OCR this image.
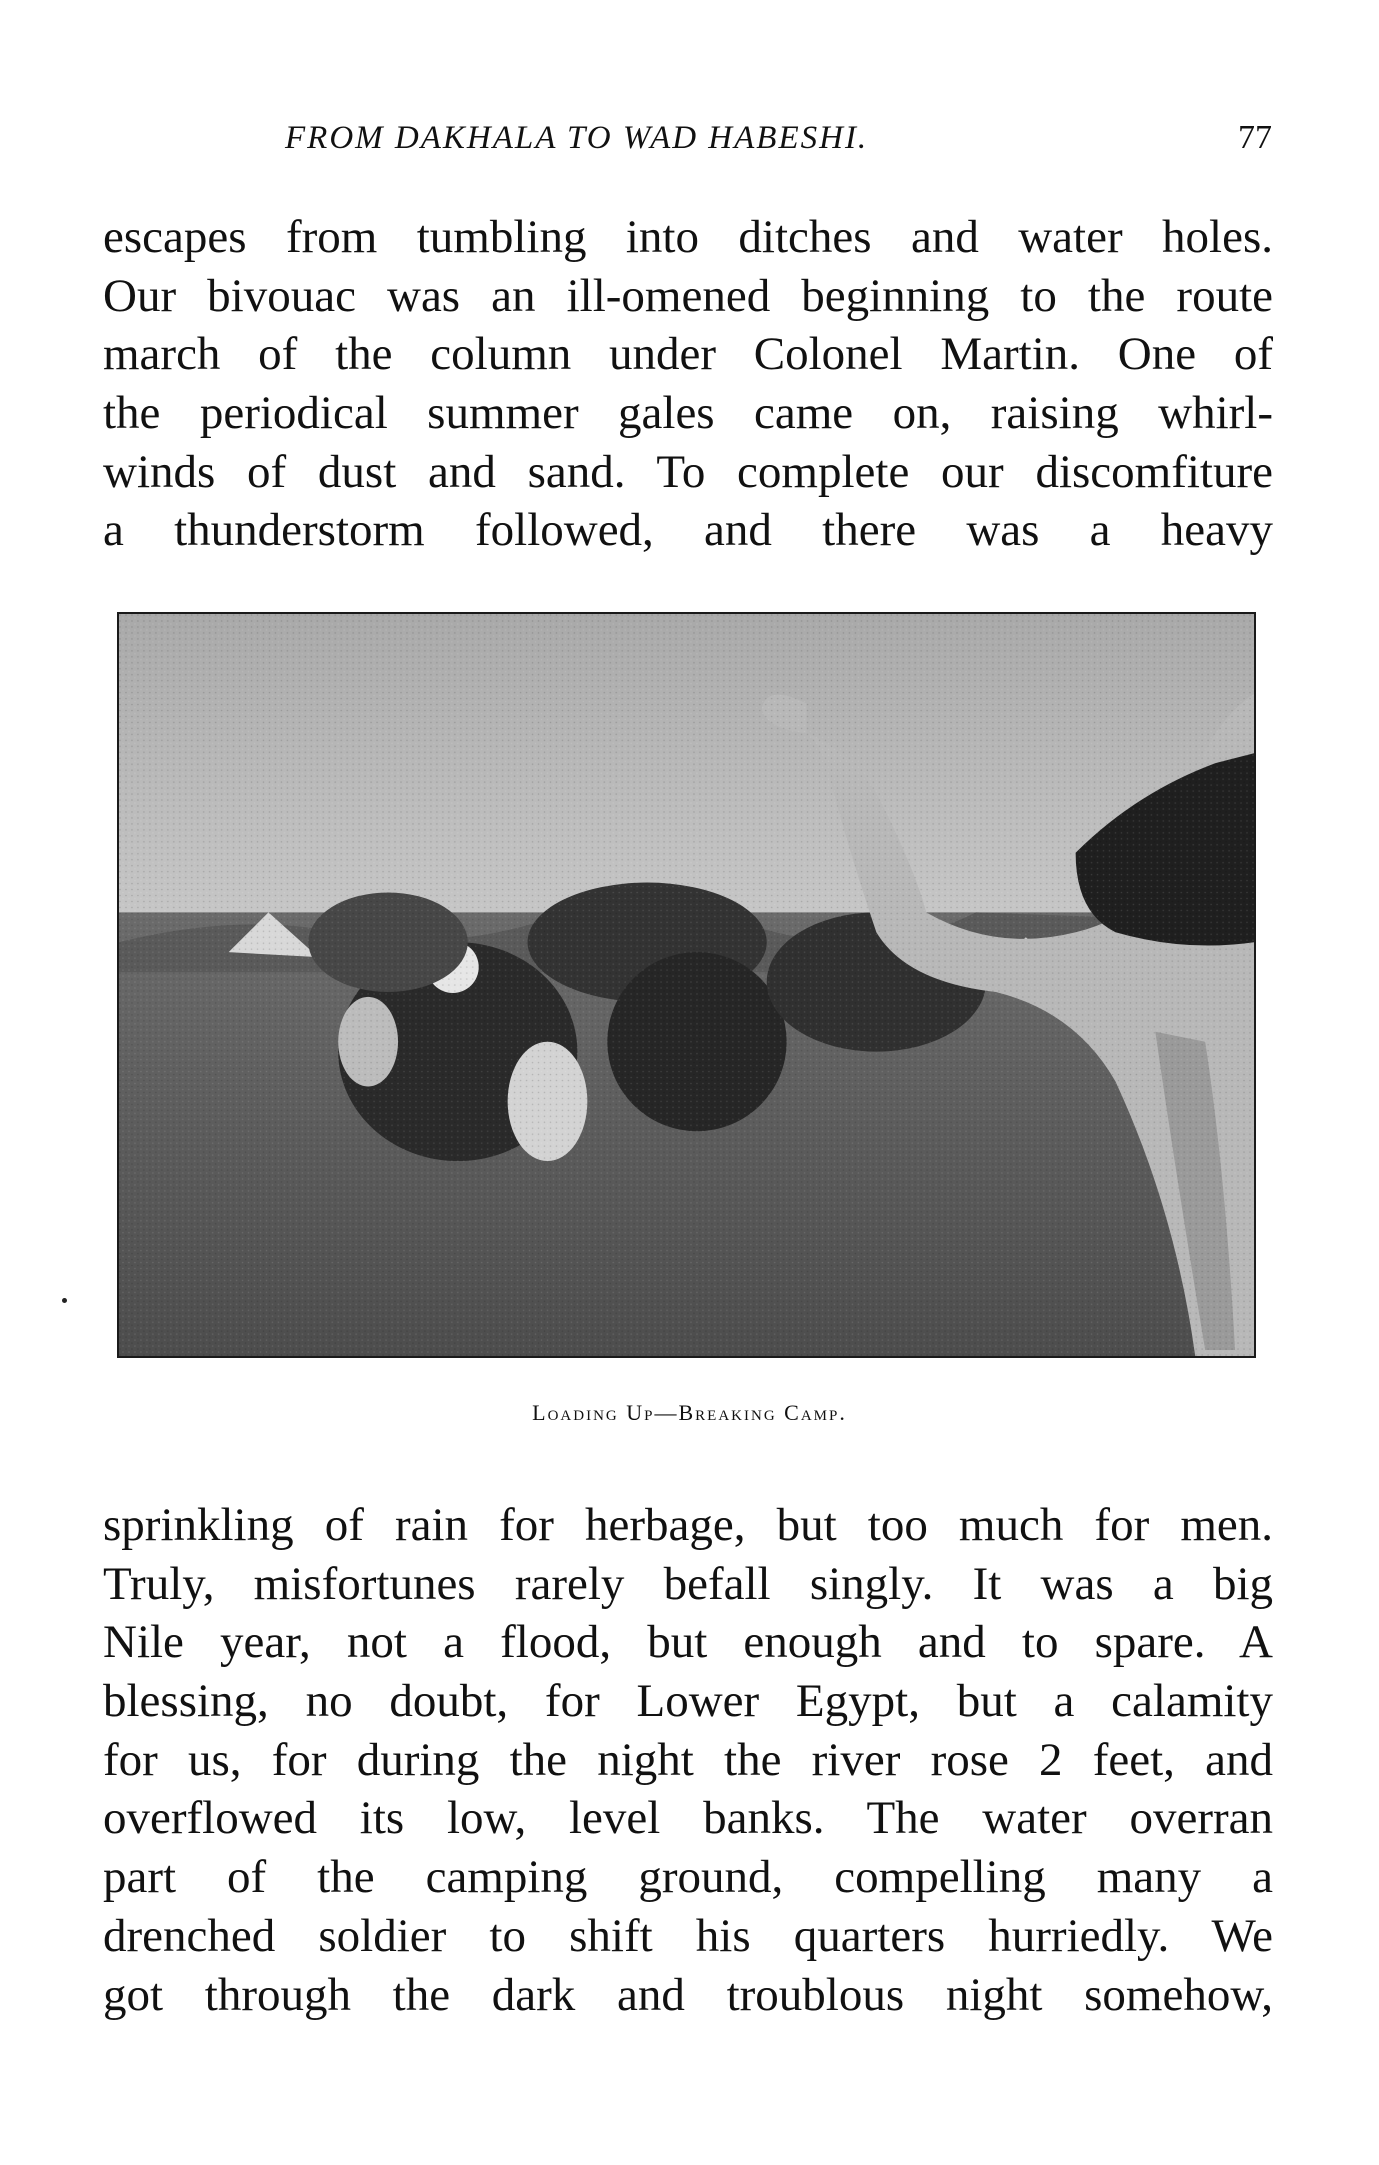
FROM DAKHALA TO WAD HABESHI.	77
escapes from tumbling into ditches and water holes.
Our bivouac was an ill-omened beginning to the route
march of the column under Colonel Martin. One of
the periodical summer gales came on, raising whirl-
winds of dust and sand. To complete our discomfiture
a thunderstorm followed, and there was a heavy
Loading Up—Breaking Camp.
sprinkling of rain for herbage, but too much for men.
Truly, misfortunes rarely befall singly. It was a big
Nile year, not a flood, but enough and to spare. A
blessing, no doubt, for Lower Egypt, but a calamity
for us, for during the night the river rose 2 feet, and
overflowed its low, level banks. The water overran
part of the camping ground, compelling many a
drenched soldier to shift his quarters hurriedly. We
got through the dark and troublous night somehow,
